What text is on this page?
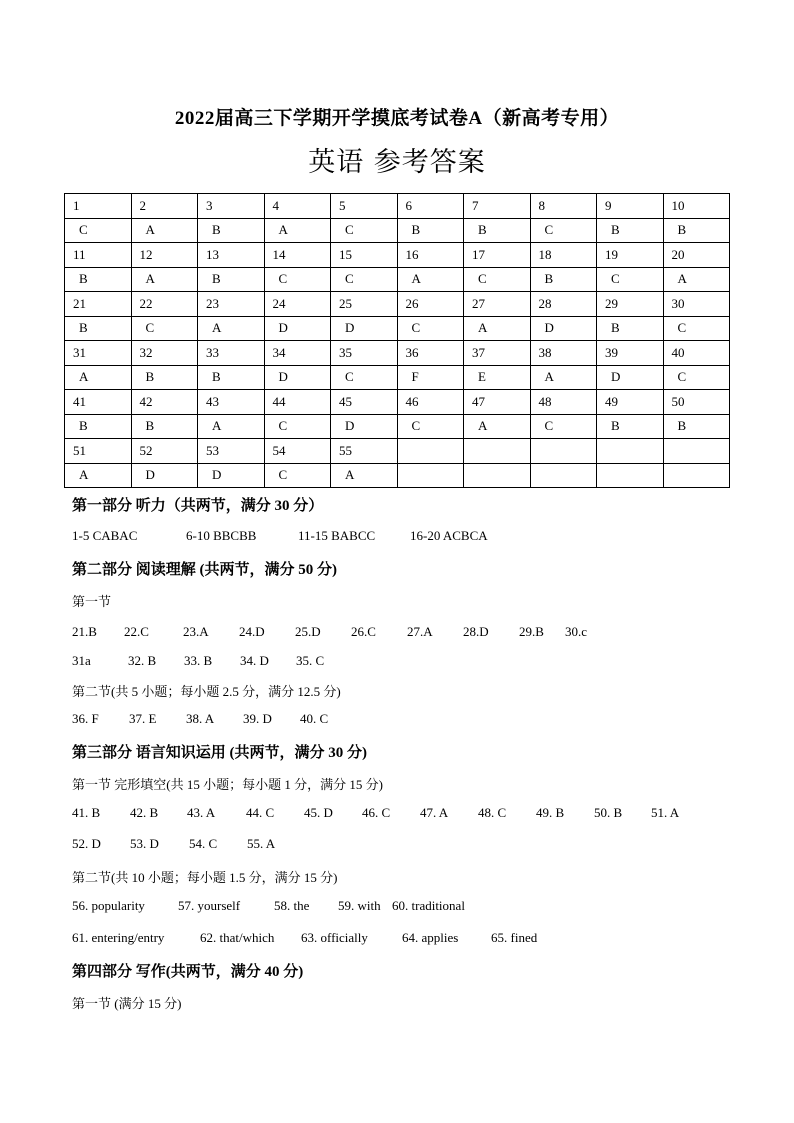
2022届高三下学期开学摸底考试卷A（新高考专用）
英语 参考答案
1	2	3	4	5	6	7	8	9	10
C	A	B	A	C	B	B	C	B	B
11	12	13	14	15	16	17	18	19	20
B	A	B	C	C	A	C	B	C	A
21	22	23	24	25	26	27	28	29	30
B	C	A	D	D	C	A	D	B	C
31	32	33	34	35	36	37	38	39	40
A	B	B	D	C	F	E	A	D	C
41	42	43	44	45	46	47	48	49	50
B	B	A	C	D	C	A	C	B	B
51	52	53	54	55					
A	D	D	C	A					
第一部分 听力（共两节，满分 30 分）
1-5 CABAC	6-10 BBCBB	11-15 BABCC	16-20 ACBCA
第二部分 阅读理解 (共两节，满分 50 分)
第一节
21.B 22.C	23.A 24.D 25.D 26.C 27.A 28.D 29.B 30.c
31a	32. B 33. B 34. D 35. C
第二节(共 5 小题；每小题 2.5 分，满分 12.5 分)
36. F 37. E 38. A 39. D 40. C
第三部分 语言知识运用 (共两节，满分 30 分)
第一节 完形填空(共 15 小题；每小题 1 分，满分 15 分)
41. B 42. B 43. A 44. C 45. D 46. C 47. A 48. C 49. B 50. B 51. A
52. D 53. D 54. C 55. A
第二节(共 10 小题；每小题 1.5 分，满分 15 分)
56. popularity	57. yourself	58. the 59. with 60. traditional
61. entering/entry	62. that/which 63. officially	64. applies	65. fined
第四部分 写作(共两节，满分 40 分)
第一节 (满分 15 分)
